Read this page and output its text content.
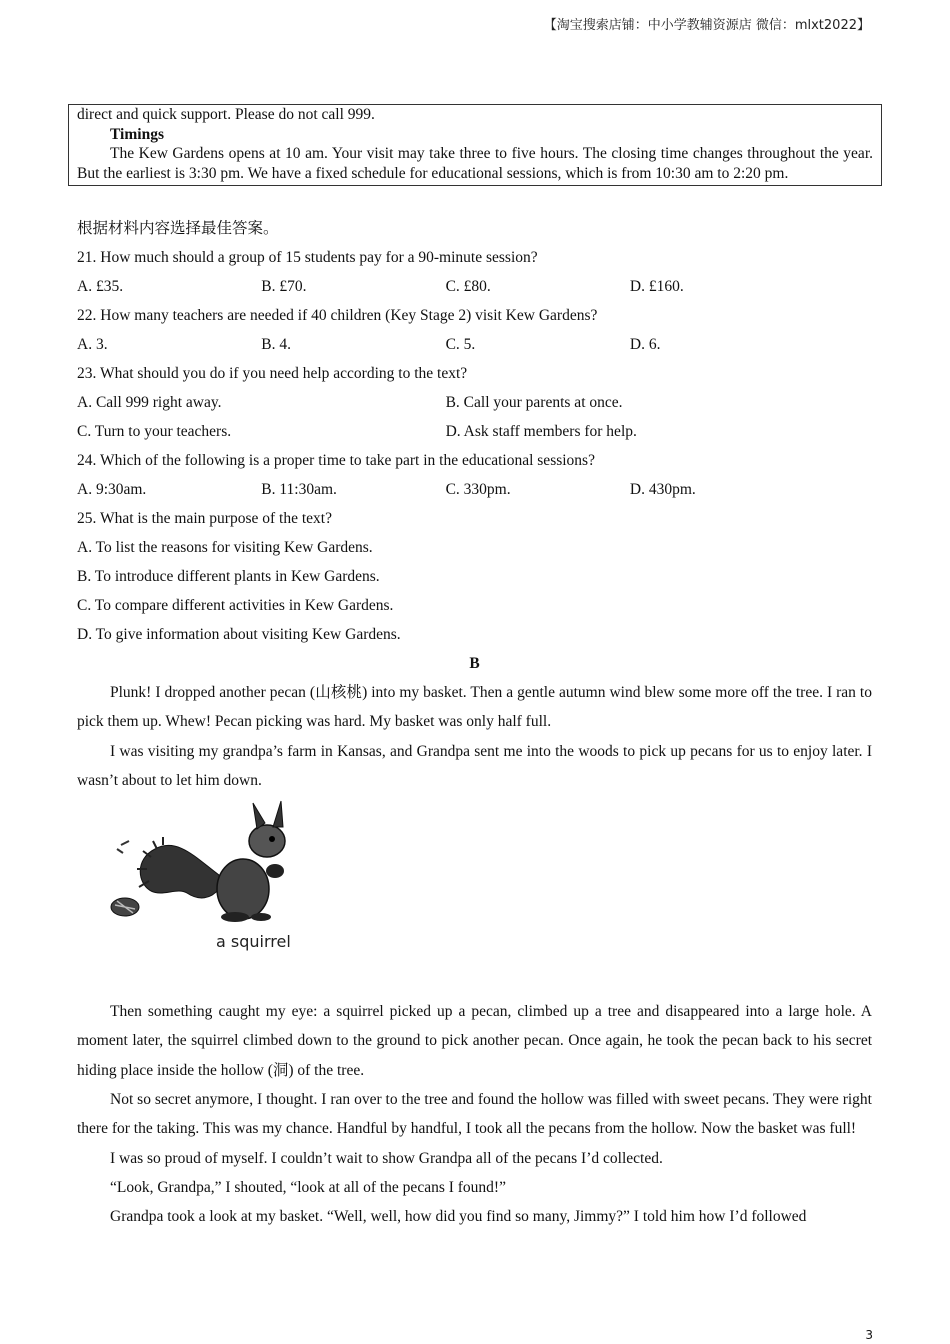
【淘宝搜索店铺：中小学教辅资源店 微信：mlxt2022】

direct and quick support. Please do not call 999.

Timings

The Kew Gardens opens at 10 am. Your visit may take three to five hours. The closing time changes throughout the year. But the earliest is 3:30 pm. We have a fixed schedule for educational sessions, which is from 10:30 am to 2:20 pm.

根据材料内容选择最佳答案。

21. How much should a group of 15 students pay for a 90-minute session?

A. £35.	B. £70.	C. £80.	D. £160.

22. How many teachers are needed if 40 children (Key Stage 2) visit Kew Gardens?

A. 3.	B. 4.	C. 5.	D. 6.

23. What should you do if you need help according to the text?

A. Call 999 right away.	B. Call your parents at once.
C. Turn to your teachers.	D. Ask staff members for help.

24. Which of the following is a proper time to take part in the educational sessions?

A. 9:30am.	B. 11:30am.	C. 330pm.	D. 430pm.

25. What is the main purpose of the text?

A. To list the reasons for visiting Kew Gardens.

B. To introduce different plants in Kew Gardens.

C. To compare different activities in Kew Gardens.

D. To give information about visiting Kew Gardens.

B

Plunk! I dropped another pecan (山核桃) into my basket. Then a gentle autumn wind blew some more off the tree. I ran to pick them up. Whew! Pecan picking was hard. My basket was only half full.

I was visiting my grandpa’s farm in Kansas, and Grandpa sent me into the woods to pick up pecans for us to enjoy later. I wasn’t about to let him down.

a squirrel

Then something caught my eye: a squirrel picked up a pecan, climbed up a tree and disappeared into a large hole. A moment later, the squirrel climbed down to the ground to pick another pecan. Once again, he took the pecan back to his secret hiding place inside the hollow (洞) of the tree.

Not so secret anymore, I thought. I ran over to the tree and found the hollow was filled with sweet pecans. They were right there for the taking. This was my chance. Handful by handful, I took all the pecans from the hollow. Now the basket was full!

I was so proud of myself. I couldn’t wait to show Grandpa all of the pecans I’d collected.

“Look, Grandpa,” I shouted, “look at all of the pecans I found!”

Grandpa took a look at my basket. “Well, well, how did you find so many, Jimmy?” I told him how I’d followed

3
